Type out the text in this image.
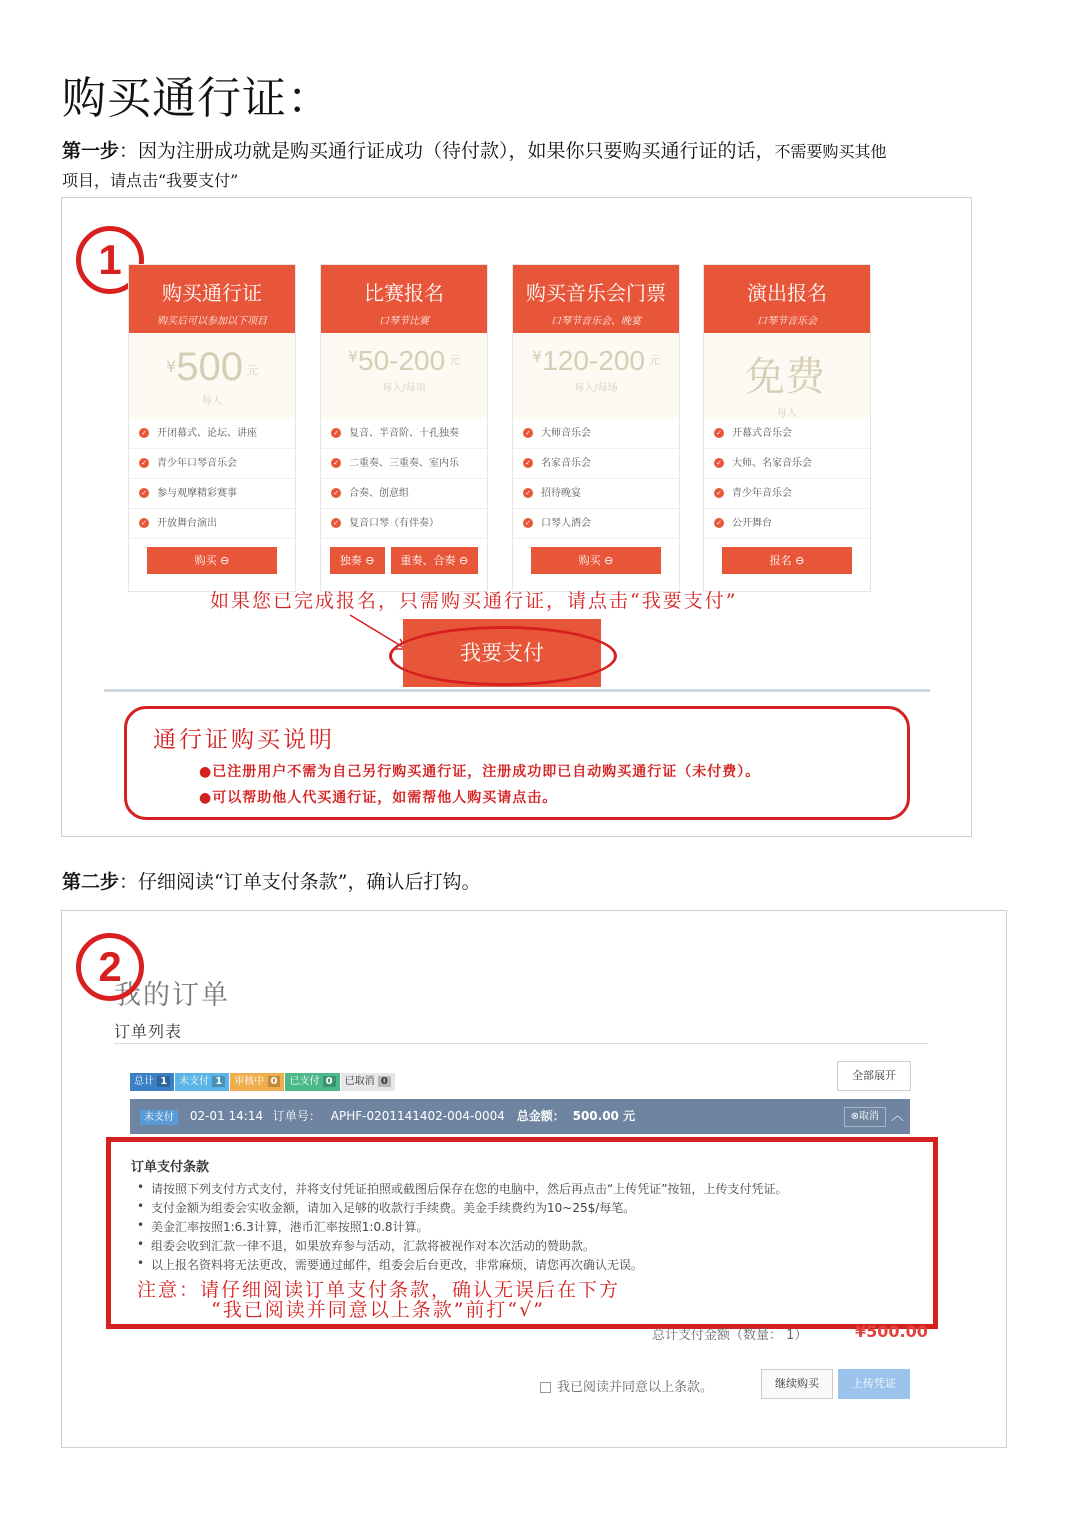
购买通行证：
第一步：因为注册成功就是购买通行证成功（待付款），如果你只要购买通行证的话，不需要购买其他
项目，请点击“我要支付”
1
购买通行证
购买后可以参加以下项目
¥500 $^元$
每人
✓ 开闭幕式、论坛、讲座
✓ 青少年口琴音乐会
✓ 参与观摩精彩赛事
✓ 开放舞台演出
购买 ⊖
比赛报名
口琴节比赛
¥50-200 $^元$
每人/每项
✓ 复音、半音阶、十孔独奏
✓ 二重奏、三重奏、室内乐
✓ 合奏、创意组
✓ 复音口琴（有伴奏）
独奏 ⊖ 重奏、合奏 ⊖
购买音乐会门票
口琴节音乐会、晚宴
¥120-200 $^元$
每人/每场
✓ 大师音乐会
✓ 名家音乐会
✓ 招待晚宴
✓ 口琴人酒会
购买 ⊖
演出报名
口琴节音乐会
免费
每人
✓ 开幕式音乐会
✓ 大师、名家音乐会
✓ 青少年音乐会
✓ 公开舞台
报名 ⊖
如果您已完成报名，只需购买通行证，请点击“我要支付”
我要支付
通行证购买说明
●已注册用户不需为自己另行购买通行证，注册成功即已自动购买通行证（未付费）。
●可以帮助他人代买通行证，如需帮他人购买请点击。
第二步：仔细阅读“订单支付条款”，确认后打钩。
我的订单
2
订单列表
总计 1 未支付 1 审核中 0 已支付 0 已取消 0	全部展开
未支付 02-01 14:14 订单号： APHF-0201141402-004-0004 总金额： 500.00 元	⊗取消 ︿
订单支付条款
• 请按照下列支付方式支付，并将支付凭证拍照或截图后保存在您的电脑中，然后再点击“上传凭证”按钮，上传支付凭证。
• 支付金额为组委会实收金额，请加入足够的收款行手续费。美金手续费约为10~25$/每笔。
• 美金汇率按照1:6.3计算，港币汇率按照1:0.8计算。
• 组委会收到汇款一律不退，如果放弃参与活动，汇款将被视作对本次活动的赞助款。
• 以上报名资料将无法更改，需要通过邮件，组委会后台更改，非常麻烦，请您再次确认无误。
注意：请仔细阅读订单支付条款，确认无误后在下方
“我已阅读并同意以上条款”前打“√”
总计支付金额（数量： 1）	¥500.00
我已阅读并同意以上条款。	继续购买	上传凭证
